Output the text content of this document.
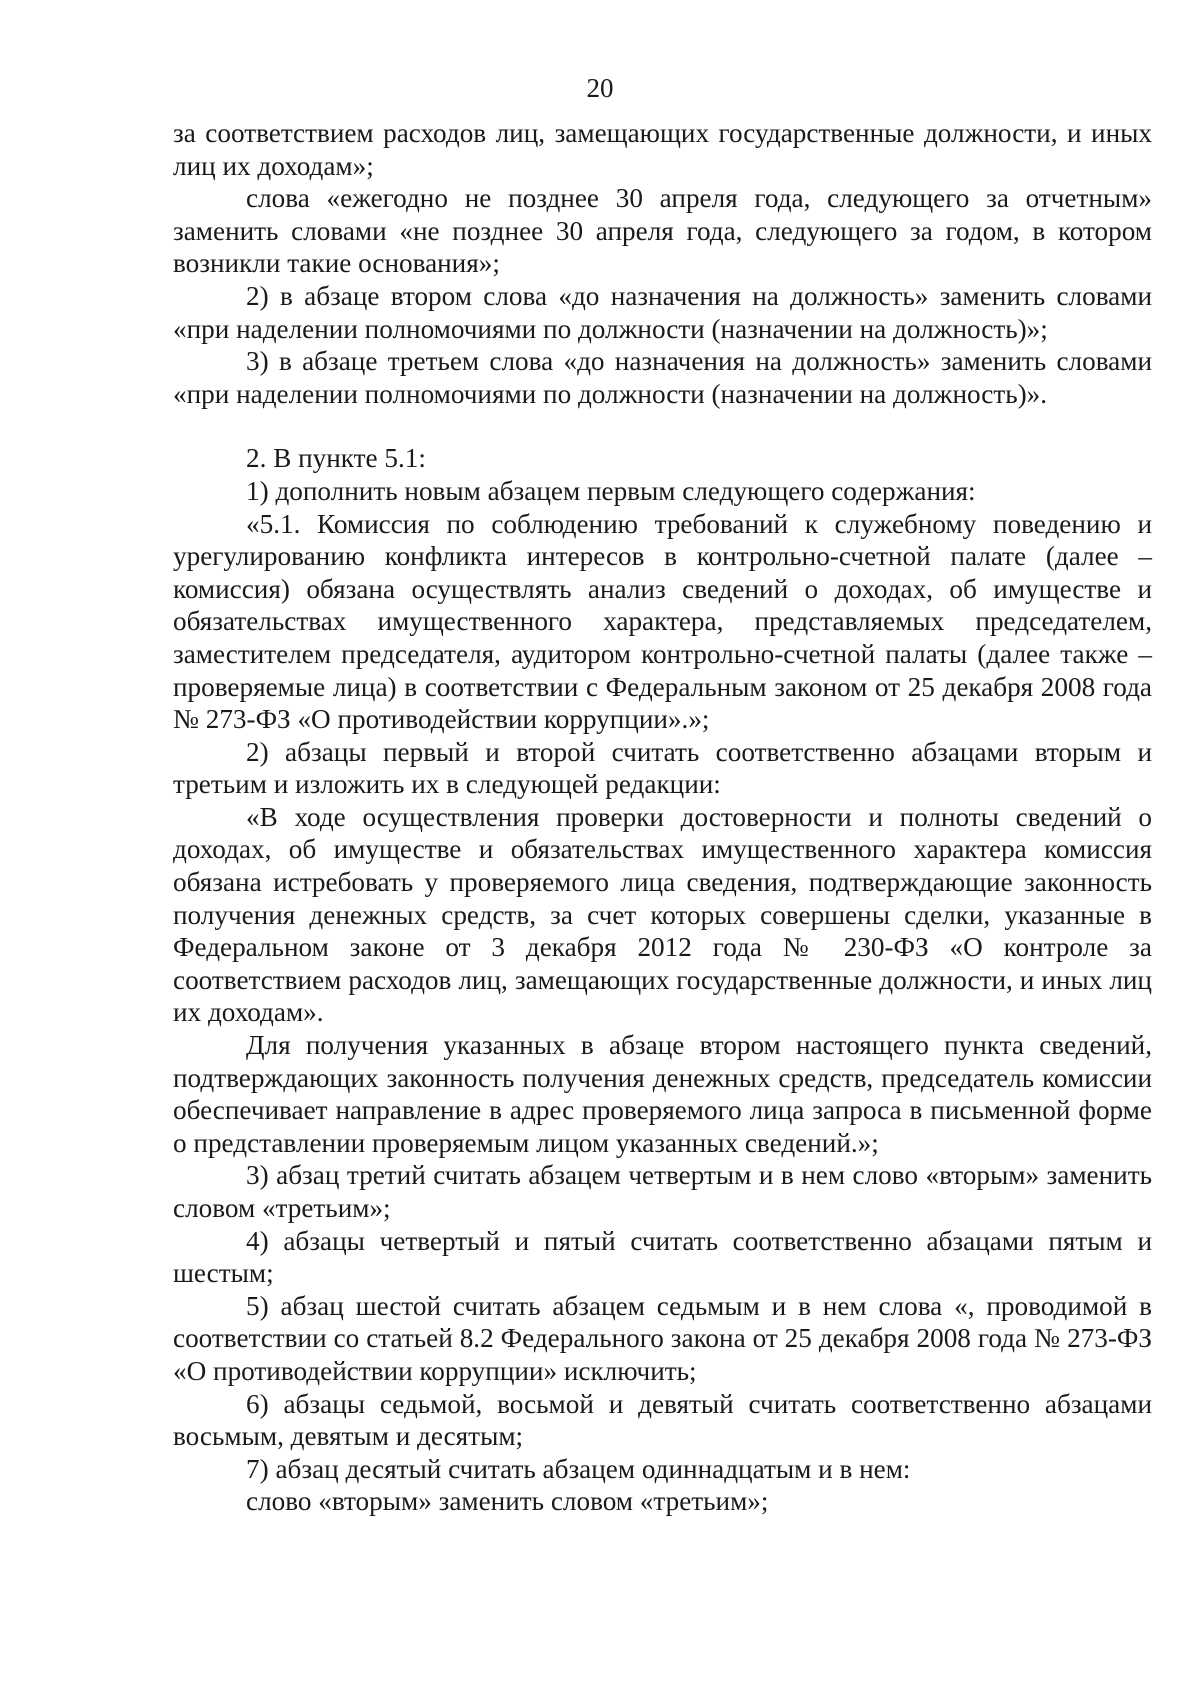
20

за соответствием расходов лиц, замещающих государственные должности, и иных лиц их доходам»;

слова «ежегодно не позднее 30 апреля года, следующего за отчетным» заменить словами «не позднее 30 апреля года, следующего за годом, в котором возникли такие основания»;

2) в абзаце втором слова «до назначения на должность» заменить словами «при наделении полномочиями по должности (назначении на должность)»;

3) в абзаце третьем слова «до назначения на должность» заменить словами «при наделении полномочиями по должности (назначении на должность)».

2. В пункте 5.1:

1) дополнить новым абзацем первым следующего содержания:

«5.1. Комиссия по соблюдению требований к служебному поведению и урегулированию конфликта интересов в контрольно-счетной палате (далее – комиссия) обязана осуществлять анализ сведений о доходах, об имуществе и обязательствах имущественного характера, представляемых председателем, заместителем председателя, аудитором контрольно-счетной палаты (далее также – проверяемые лица) в соответствии с Федеральным законом от 25 декабря 2008 года № 273-ФЗ «О противодействии коррупции».»;

2) абзацы первый и второй считать соответственно абзацами вторым и третьим и изложить их в следующей редакции:

«В ходе осуществления проверки достоверности и полноты сведений о доходах, об имуществе и обязательствах имущественного характера комиссия обязана истребовать у проверяемого лица сведения, подтверждающие законность получения денежных средств, за счет которых совершены сделки, указанные в Федеральном законе от 3 декабря 2012 года № 230-ФЗ «О контроле за соответствием расходов лиц, замещающих государственные должности, и иных лиц их доходам».

Для получения указанных в абзаце втором настоящего пункта сведений, подтверждающих законность получения денежных средств, председатель комиссии обеспечивает направление в адрес проверяемого лица запроса в письменной форме о представлении проверяемым лицом указанных сведений.»;

3) абзац третий считать абзацем четвертым и в нем слово «вторым» заменить словом «третьим»;

4) абзацы четвертый и пятый считать соответственно абзацами пятым и шестым;

5) абзац шестой считать абзацем седьмым и в нем слова «, проводимой в соответствии со статьей 8.2 Федерального закона от 25 декабря 2008 года № 273-ФЗ «О противодействии коррупции» исключить;

6) абзацы седьмой, восьмой и девятый считать соответственно абзацами восьмым, девятым и десятым;

7) абзац десятый считать абзацем одиннадцатым и в нем:

слово «вторым» заменить словом «третьим»;
